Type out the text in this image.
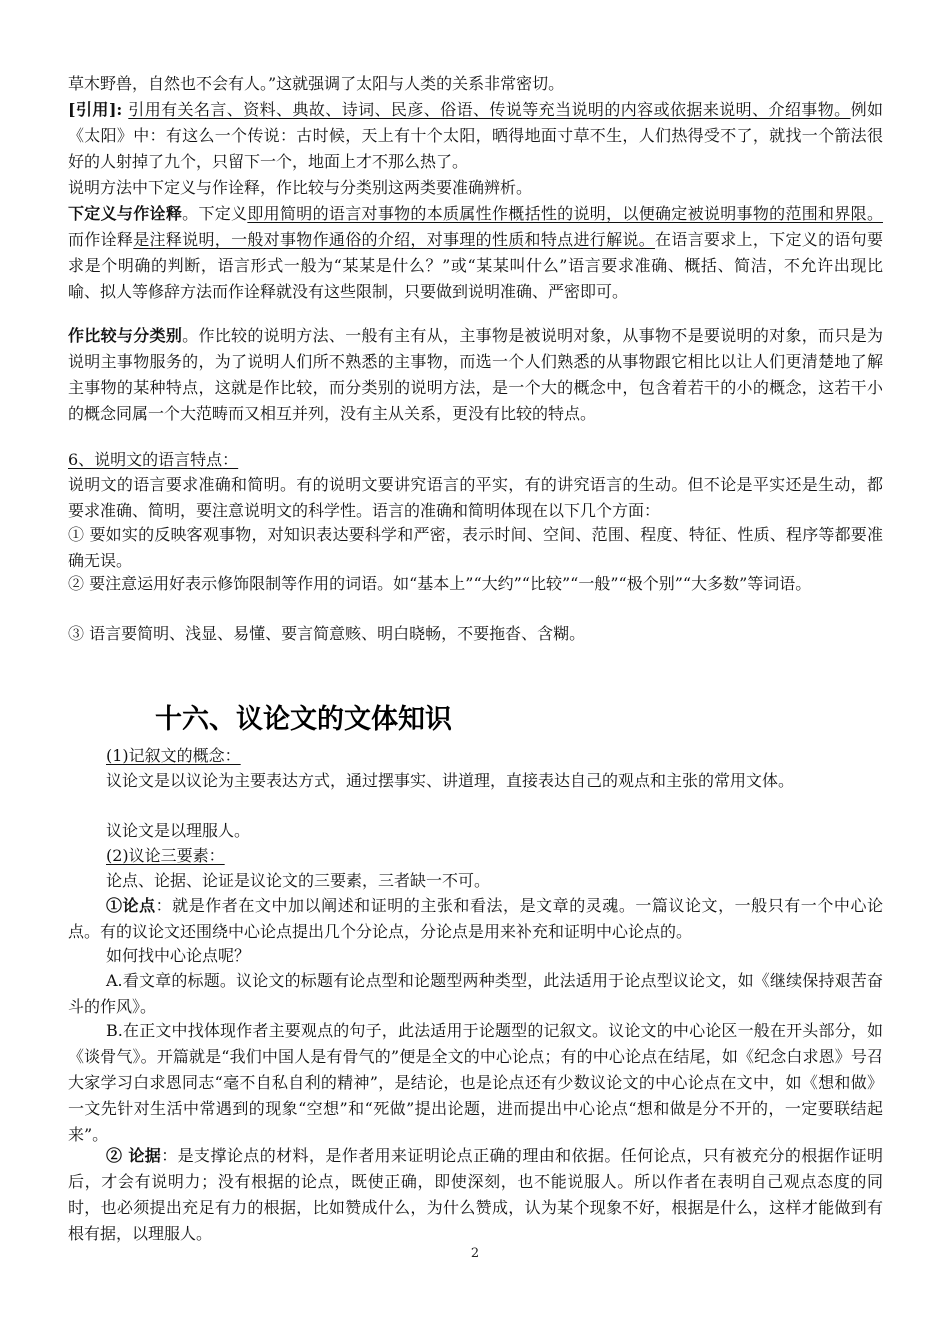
草木野兽，自然也不会有人。”这就强调了太阳与人类的关系非常密切。

[引用]: 引用有关名言、资料、典故、诗词、民彦、俗语、传说等充当说明的内容或依据来说明、介绍事物。例如《太阳》中：有这么一个传说：古时候，天上有十个太阳，晒得地面寸草不生，人们热得受不了，就找一个箭法很好的人射掉了九个，只留下一个，地面上才不那么热了。

说明方法中下定义与作诠释，作比较与分类别这两类要准确辨析。

下定义与作诠释。下定义即用简明的语言对事物的本质属性作概括性的说明，以便确定被说明事物的范围和界限。而作诠释是注释说明，一般对事物作通俗的介绍，对事理的性质和特点进行解说。在语言要求上，下定义的语句要求是个明确的判断，语言形式一般为“某某是什么？”或“某某叫什么”语言要求准确、概括、简洁，不允许出现比喻、拟人等修辞方法而作诠释就没有这些限制，只要做到说明准确、严密即可。

作比较与分类别。作比较的说明方法、一般有主有从，主事物是被说明对象，从事物不是要说明的对象，而只是为说明主事物服务的，为了说明人们所不熟悉的主事物，而选一个人们熟悉的从事物跟它相比以让人们更清楚地了解主事物的某种特点，这就是作比较，而分类别的说明方法，是一个大的概念中，包含着若干的小的概念，这若干小的概念同属一个大范畴而又相互并列，没有主从关系，更没有比较的特点。

6、说明文的语言特点：

说明文的语言要求准确和简明。有的说明文要讲究语言的平实，有的讲究语言的生动。但不论是平实还是生动，都要求准确、简明，要注意说明文的科学性。语言的准确和简明体现在以下几个方面：

① 要如实的反映客观事物，对知识表达要科学和严密，表示时间、空间、范围、程度、特征、性质、程序等都要准确无误。

② 要注意运用好表示修饰限制等作用的词语。如“基本上”“大约”“比较”“一般”“极个别”“大多数”等词语。

③ 语言要简明、浅显、易懂、要言简意赅、明白晓畅，不要拖沓、含糊。

十六、议论文的文体知识

(1)记叙文的概念：

议论文是以议论为主要表达方式，通过摆事实、讲道理，直接表达自己的观点和主张的常用文体。

议论文是以理服人。

(2)议论三要素：

论点、论据、论证是议论文的三要素，三者缺一不可。

①论点：就是作者在文中加以阐述和证明的主张和看法，是文章的灵魂。一篇议论文，一般只有一个中心论点。有的议论文还围绕中心论点提出几个分论点，分论点是用来补充和证明中心论点的。

如何找中心论点呢？

A.看文章的标题。议论文的标题有论点型和论题型两种类型，此法适用于论点型议论文，如《继续保持艰苦奋斗的作风》。

B.在正文中找体现作者主要观点的句子，此法适用于论题型的记叙文。议论文的中心论区一般在开头部分，如《谈骨气》。开篇就是“我们中国人是有骨气的”便是全文的中心论点；有的中心论点在结尾，如《纪念白求恩》号召大家学习白求恩同志“毫不自私自利的精神”，是结论，也是论点还有少数议论文的中心论点在文中，如《想和做》一文先针对生活中常遇到的现象“空想”和“死做”提出论题，进而提出中心论点“想和做是分不开的，一定要联结起来”。

② 论据：是支撑论点的材料，是作者用来证明论点正确的理由和依据。任何论点，只有被充分的根据作证明后，才会有说明力；没有根据的论点，既使正确，即使深刻，也不能说服人。所以作者在表明自己观点态度的同时，也必须提出充足有力的根据，比如赞成什么，为什么赞成，认为某个现象不好，根据是什么，这样才能做到有根有据，以理服人。

2
